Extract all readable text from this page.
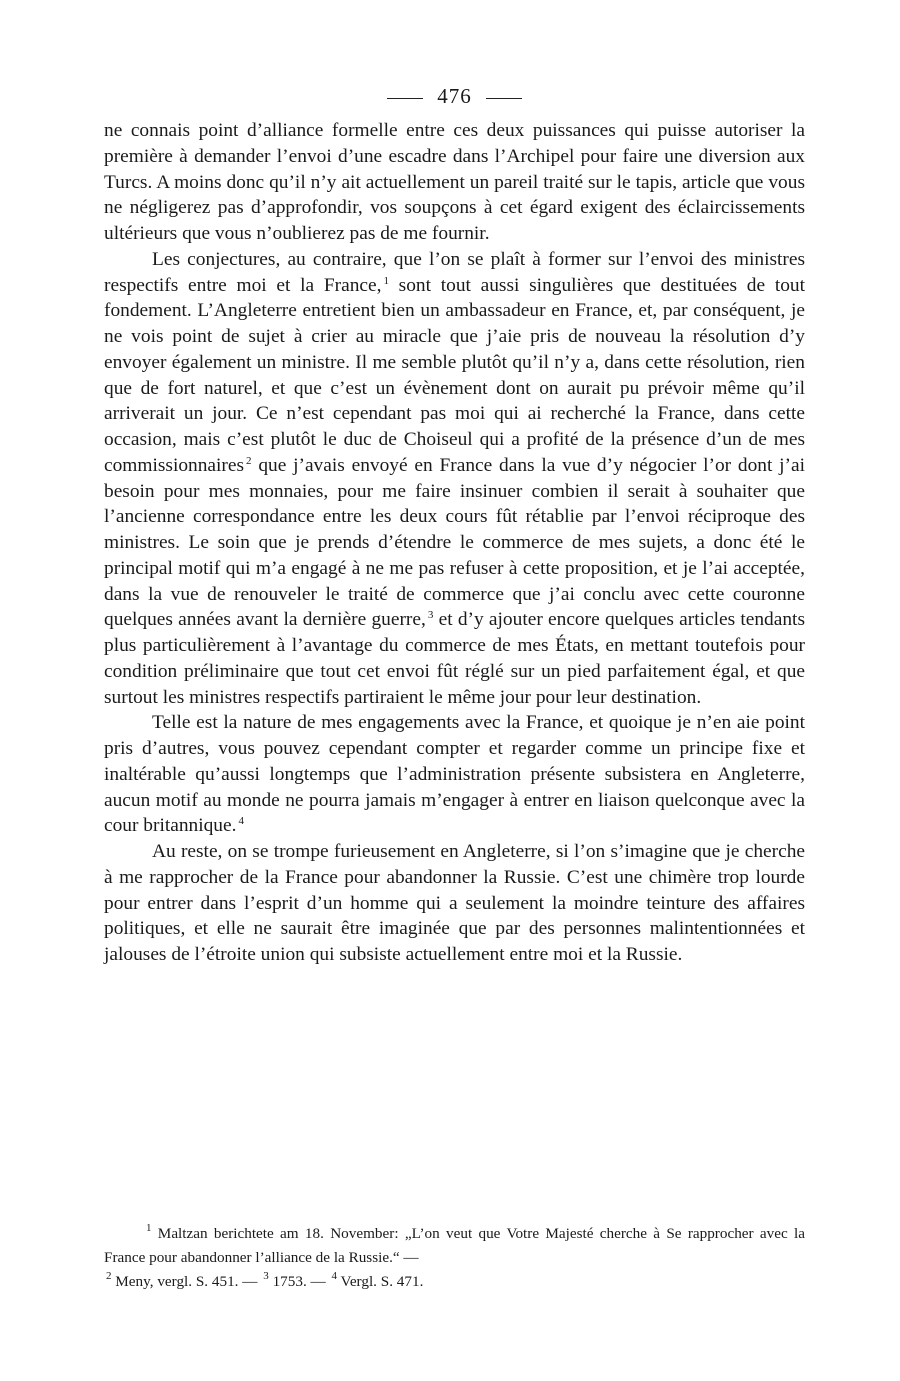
476

ne connais point d’alliance formelle entre ces deux puissances qui puisse autoriser la première à demander l’envoi d’une escadre dans l’Archipel pour faire une diversion aux Turcs. A moins donc qu’il n’y ait actuellement un pareil traité sur le tapis, article que vous ne négligerez pas d’approfondir, vos soupçons à cet égard exigent des éclaircissements ultérieurs que vous n’oublierez pas de me fournir.

Les conjectures, au contraire, que l’on se plaît à former sur l’envoi des ministres respectifs entre moi et la France, $^1$ sont tout aussi singulières que destituées de tout fondement. L’Angleterre entretient bien un ambassadeur en France, et, par conséquent, je ne vois point de sujet à crier au miracle que j’aie pris de nouveau la résolution d’y envoyer également un ministre. Il me semble plutôt qu’il n’y a, dans cette résolution, rien que de fort naturel, et que c’est un évènement dont on aurait pu prévoir même qu’il arriverait un jour. Ce n’est cependant pas moi qui ai recherché la France, dans cette occasion, mais c’est plutôt le duc de Choiseul qui a profité de la présence d’un de mes commissionnaires $^2$ que j’avais envoyé en France dans la vue d’y négocier l’or dont j’ai besoin pour mes monnaies, pour me faire insinuer combien il serait à souhaiter que l’ancienne correspondance entre les deux cours fût rétablie par l’envoi réciproque des ministres. Le soin que je prends d’étendre le commerce de mes sujets, a donc été le principal motif qui m’a engagé à ne me pas refuser à cette proposition, et je l’ai acceptée, dans la vue de renouveler le traité de commerce que j’ai conclu avec cette couronne quelques années avant la dernière guerre, $^3$ et d’y ajouter encore quelques articles tendants plus particulièrement à l’avantage du commerce de mes États, en mettant toutefois pour condition préliminaire que tout cet envoi fût réglé sur un pied parfaitement égal, et que surtout les ministres respectifs partiraient le même jour pour leur destination.

Telle est la nature de mes engagements avec la France, et quoique je n’en aie point pris d’autres, vous pouvez cependant compter et regarder comme un principe fixe et inaltérable qu’aussi longtemps que l’administration présente subsistera en Angleterre, aucun motif au monde ne pourra jamais m’engager à entrer en liaison quelconque avec la cour britannique. $^4$

Au reste, on se trompe furieusement en Angleterre, si l’on s’imagine que je cherche à me rapprocher de la France pour abandonner la Russie. C’est une chimère trop lourde pour entrer dans l’esprit d’un homme qui a seulement la moindre teinture des affaires politiques, et elle ne saurait être imaginée que par des personnes malintentionnées et jalouses de l’étroite union qui subsiste actuellement entre moi et la Russie.

$^1$ Maltzan berichtete am 18. November: „L’on veut que Votre Majesté cherche à Se rapprocher avec la France pour abandonner l’alliance de la Russie.“ —

$^2$ Meny, vergl. S. 451. — $^3$ 1753. — $^4$ Vergl. S. 471.
